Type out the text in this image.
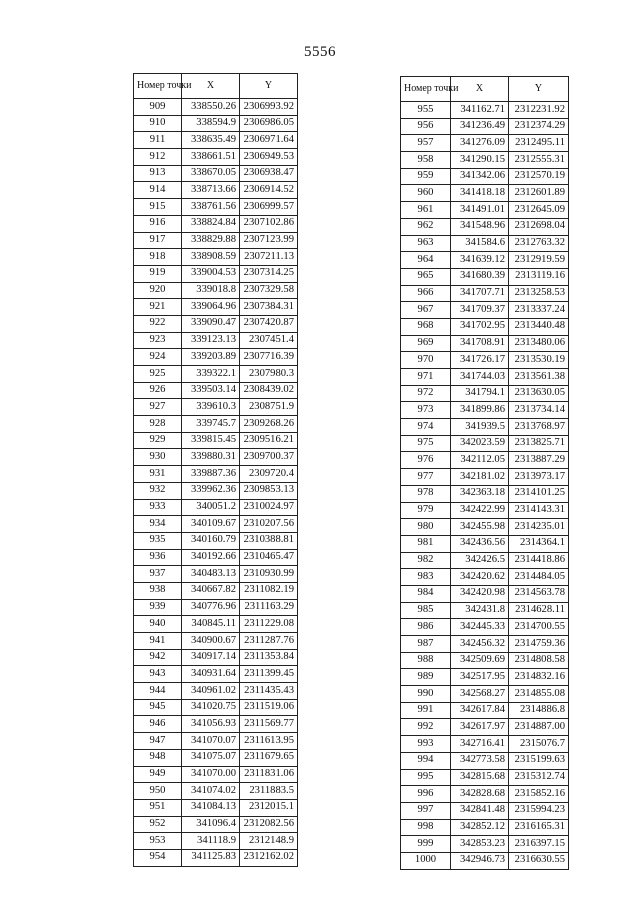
5556
Номер точки	X	Y
909	338550.26	2306993.92
910	338594.9	2306986.05
911	338635.49	2306971.64
912	338661.51	2306949.53
913	338670.05	2306938.47
914	338713.66	2306914.52
915	338761.56	2306999.57
916	338824.84	2307102.86
917	338829.88	2307123.99
918	338908.59	2307211.13
919	339004.53	2307314.25
920	339018.8	2307329.58
921	339064.96	2307384.31
922	339090.47	2307420.87
923	339123.13	2307451.4
924	339203.89	2307716.39
925	339322.1	2307980.3
926	339503.14	2308439.02
927	339610.3	2308751.9
928	339745.7	2309268.26
929	339815.45	2309516.21
930	339880.31	2309700.37
931	339887.36	2309720.4
932	339962.36	2309853.13
933	340051.2	2310024.97
934	340109.67	2310207.56
935	340160.79	2310388.81
936	340192.66	2310465.47
937	340483.13	2310930.99
938	340667.82	2311082.19
939	340776.96	2311163.29
940	340845.11	2311229.08
941	340900.67	2311287.76
942	340917.14	2311353.84
943	340931.64	2311399.45
944	340961.02	2311435.43
945	341020.75	2311519.06
946	341056.93	2311569.77
947	341070.07	2311613.95
948	341075.07	2311679.65
949	341070.00	2311831.06
950	341074.02	2311883.5
951	341084.13	2312015.1
952	341096.4	2312082.56
953	341118.9	2312148.9
954	341125.83	2312162.02
Номер точки	X	Y
955	341162.71	2312231.92
956	341236.49	2312374.29
957	341276.09	2312495.11
958	341290.15	2312555.31
959	341342.06	2312570.19
960	341418.18	2312601.89
961	341491.01	2312645.09
962	341548.96	2312698.04
963	341584.6	2312763.32
964	341639.12	2312919.59
965	341680.39	2313119.16
966	341707.71	2313258.53
967	341709.37	2313337.24
968	341702.95	2313440.48
969	341708.91	2313480.06
970	341726.17	2313530.19
971	341744.03	2313561.38
972	341794.1	2313630.05
973	341899.86	2313734.14
974	341939.5	2313768.97
975	342023.59	2313825.71
976	342112.05	2313887.29
977	342181.02	2313973.17
978	342363.18	2314101.25
979	342422.99	2314143.31
980	342455.98	2314235.01
981	342436.56	2314364.1
982	342426.5	2314418.86
983	342420.62	2314484.05
984	342420.98	2314563.78
985	342431.8	2314628.11
986	342445.33	2314700.55
987	342456.32	2314759.36
988	342509.69	2314808.58
989	342517.95	2314832.16
990	342568.27	2314855.08
991	342617.84	2314886.8
992	342617.97	2314887.00
993	342716.41	2315076.7
994	342773.58	2315199.63
995	342815.68	2315312.74
996	342828.68	2315852.16
997	342841.48	2315994.23
998	342852.12	2316165.31
999	342853.23	2316397.15
1000	342946.73	2316630.55
